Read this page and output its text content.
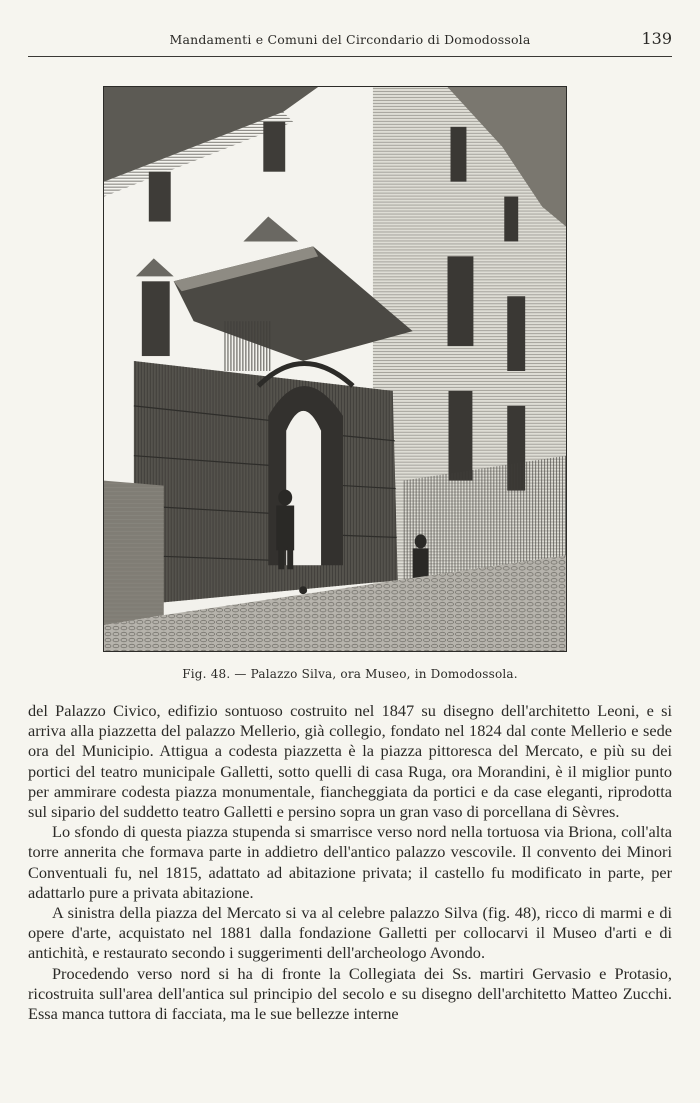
Mandamenti e Comuni del Circondario di Domodossola	139
Fig. 48. — Palazzo Silva, ora Museo, in Domodossola.

del Palazzo Civico, edifizio sontuoso costruito nel 1847 su disegno dell'architetto Leoni, e si arriva alla piazzetta del palazzo Mellerio, già collegio, fondato nel 1824 dal conte Mellerio e sede ora del Municipio. Attigua a codesta piazzetta è la piazza pittoresca del Mercato, e più su dei portici del teatro municipale Galletti, sotto quelli di casa Ruga, ora Morandini, è il miglior punto per ammirare codesta piazza monumentale, fiancheggiata da portici e da case eleganti, riprodotta sul sipario del suddetto teatro Galletti e persino sopra un gran vaso di porcellana di Sèvres.

Lo sfondo di questa piazza stupenda si smarrisce verso nord nella tortuosa via Briona, coll'alta torre annerita che formava parte in addietro dell'antico palazzo vescovile. Il convento dei Minori Conventuali fu, nel 1815, adattato ad abitazione privata; il castello fu modificato in parte, per adattarlo pure a privata abitazione.

A sinistra della piazza del Mercato si va al celebre palazzo Silva (fig. 48), ricco di marmi e di opere d'arte, acquistato nel 1881 dalla fondazione Galletti per collocarvi il Museo d'arti e di antichità, e restaurato secondo i suggerimenti dell'archeologo Avondo.

Procedendo verso nord si ha di fronte la Collegiata dei Ss. martiri Gervasio e Protasio, ricostruita sull'area dell'antica sul principio del secolo e su disegno dell'architetto Matteo Zucchi. Essa manca tuttora di facciata, ma le sue bellezze interne
